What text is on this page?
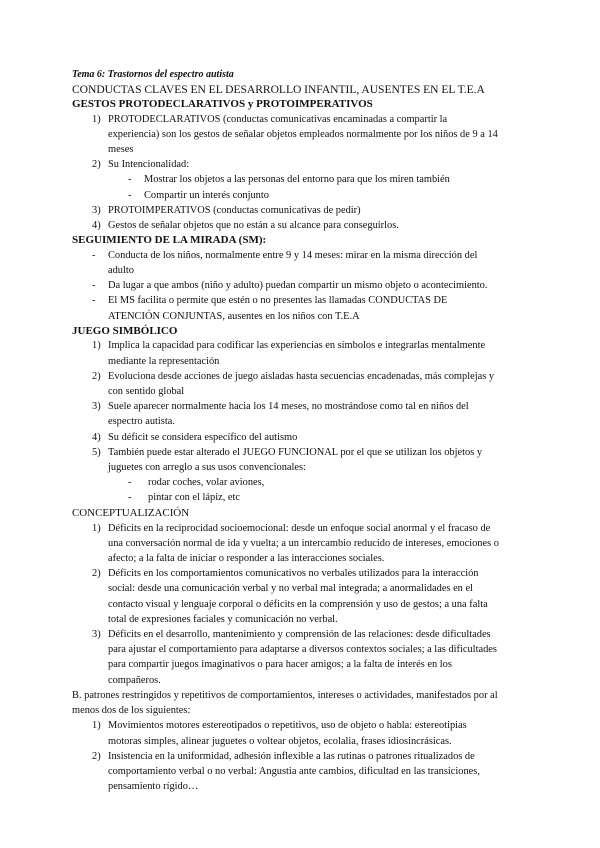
Tema 6: Trastornos del espectro autista
CONDUCTAS CLAVES EN EL DESARROLLO INFANTIL, AUSENTES EN EL T.E.A
GESTOS PROTODECLARATIVOS y PROTOIMPERATIVOS
1) PROTODECLARATIVOS (conductas comunicativas encaminadas a compartir la
experiencia) son los gestos de señalar objetos empleados normalmente por los niños de 9 a 14
meses
2) Su Intencionalidad:
-	Mostrar los objetos a las personas del entorno para que los miren también
-	Compartir un interés conjunto
3) PROTOIMPERATIVOS (conductas comunicativas de pedir)
4) Gestos de señalar objetos que no están a su alcance para conseguirlos.
SEGUIMIENTO DE LA MIRADA (SM):
-	Conducta de los niños, normalmente entre 9 y 14 meses: mirar en la misma dirección del
adulto
-	Da lugar a que ambos (niño y adulto) puedan compartir un mismo objeto o acontecimiento.
-	El MS facilita o permite que estén o no presentes las llamadas CONDUCTAS DE
ATENCIÓN CONJUNTAS, ausentes en los niños con T.E.A
JUEGO SIMBÓLICO
1) Implica la capacidad para codificar las experiencias en símbolos e integrarlas mentalmente
mediante la representación
2) Evoluciona desde acciones de juego aisladas hasta secuencias encadenadas, más complejas y
con sentido global
3) Suele aparecer normalmente hacia los 14 meses, no mostrándose como tal en niños del
espectro autista.
4) Su déficit se considera específico del autismo
5) También puede estar alterado el JUEGO FUNCIONAL por el que se utilizan los objetos y
juguetes con arreglo a sus usos convencionales:
-	rodar coches, volar aviones,
-	pintar con el lápiz, etc
CONCEPTUALIZACIÓN
1) Déficits en la reciprocidad socioemocional: desde un enfoque social anormal y el fracaso de
una conversación normal de ida y vuelta; a un intercambio reducido de intereses, emociones o
afecto; a la falta de iniciar o responder a las interacciones sociales.
2) Déficits en los comportamientos comunicativos no verbales utilizados para la interacción
social: desde una comunicación verbal y no verbal mal integrada; a anormalidades en el
contacto visual y lenguaje corporal o déficits en la comprensión y uso de gestos; a una falta
total de expresiones faciales y comunicación no verbal.
3) Déficits en el desarrollo, mantenimiento y comprensión de las relaciones: desde dificultades
para ajustar el comportamiento para adaptarse a diversos contextos sociales; a las dificultades
para compartir juegos imaginativos o para hacer amigos; a la falta de interés en los
compañeros.
B. patrones restringidos y repetitivos de comportamientos, intereses o actividades, manifestados por al
menos dos de los siguientes:
1) Movimientos motores estereotipados o repetitivos, uso de objeto o habla: estereotipias
motoras simples, alinear juguetes o voltear objetos, ecolalia, frases idiosincrásicas.
2) Insistencia en la uniformidad, adhesión inflexible a las rutinas o patrones ritualizados de
comportamiento verbal o no verbal: Angustia ante cambios, dificultad en las transiciones,
pensamiento rígido…
